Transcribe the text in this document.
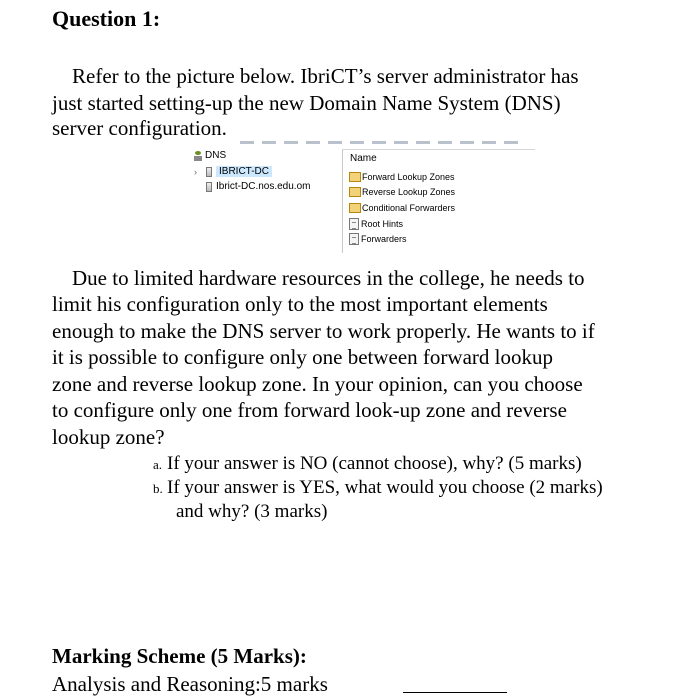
Question 1:
Refer to the picture below. IbriCT’s server administrator has
just started setting-up the new Domain Name System (DNS)
server configuration.
DNS
›	IBRICT-DC
Ibrict-DC.nos.edu.om
Name
Forward Lookup Zones
Reverse Lookup Zones
Conditional Forwarders
Root Hints
Forwarders
Due to limited hardware resources in the college, he needs to
limit his configuration only to the most important elements
enough to make the DNS server to work properly. He wants to if
it is possible to configure only one between forward lookup
zone and reverse lookup zone. In your opinion, can you choose
to configure only one from forward look-up zone and reverse
lookup zone?
a. If your answer is NO (cannot choose), why? (5 marks)
b. If your answer is YES, what would you choose (2 marks)
and why? (3 marks)
Marking Scheme (5 Marks):
Analysis and Reasoning:5 marks
